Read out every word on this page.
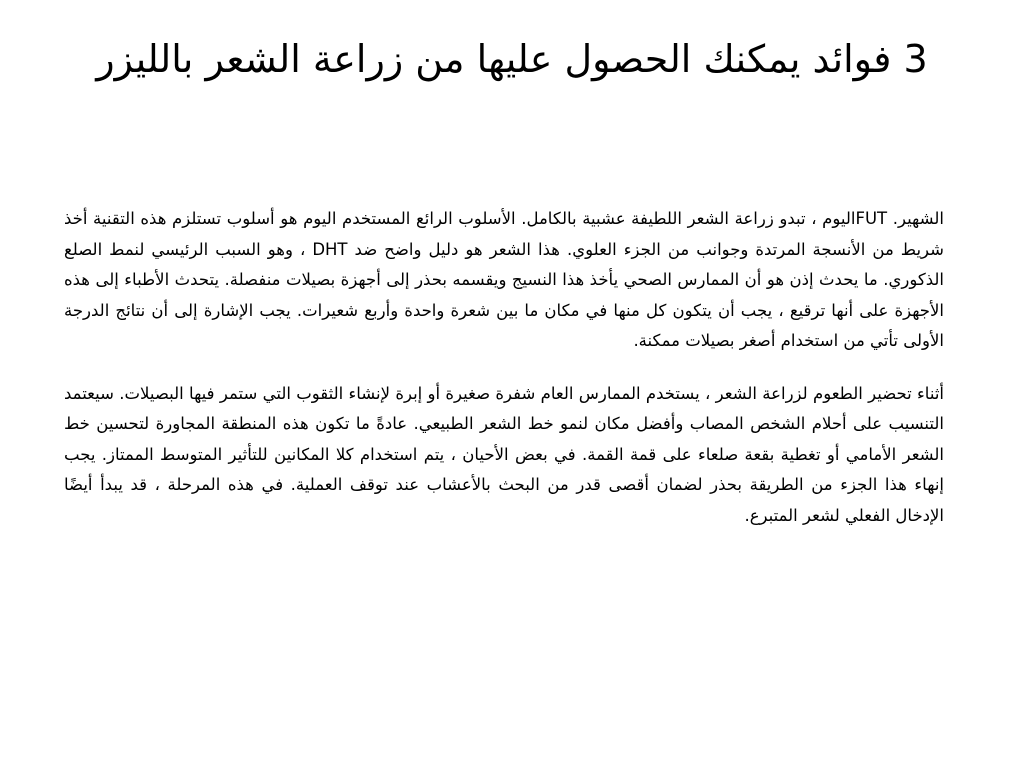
3 فوائد يمكنك الحصول عليها من زراعة الشعر بالليزر

الشهير. FUTاليوم ، تبدو زراعة الشعر اللطيفة عشبية بالكامل. الأسلوب الرائع المستخدم اليوم هو أسلوب تستلزم هذه التقنية أخذ شريط من الأنسجة المرتدة وجوانب من الجزء العلوي. هذا الشعر هو دليل واضح ضد DHT ، وهو السبب الرئيسي لنمط الصلع الذكوري. ما يحدث إذن هو أن الممارس الصحي يأخذ هذا النسيج ويقسمه بحذر إلى أجهزة بصيلات منفصلة. يتحدث الأطباء إلى هذه الأجهزة على أنها ترقيع ، يجب أن يتكون كل منها في مكان ما بين شعرة واحدة وأربع شعيرات. يجب الإشارة إلى أن نتائج الدرجة الأولى تأتي من استخدام أصغر بصيلات ممكنة.

أثناء تحضير الطعوم لزراعة الشعر ، يستخدم الممارس العام شفرة صغيرة أو إبرة لإنشاء الثقوب التي ستمر فيها البصيلات. سيعتمد التنسيب على أحلام الشخص المصاب وأفضل مكان لنمو خط الشعر الطبيعي. عادةً ما تكون هذه المنطقة المجاورة لتحسين خط الشعر الأمامي أو تغطية بقعة صلعاء على قمة القمة. في بعض الأحيان ، يتم استخدام كلا المكانين للتأثير المتوسط الممتاز. يجب إنهاء هذا الجزء من الطريقة بحذر لضمان أقصى قدر من البحث بالأعشاب عند توقف العملية. في هذه المرحلة ، قد يبدأ أيضًا الإدخال الفعلي لشعر المتبرع.
